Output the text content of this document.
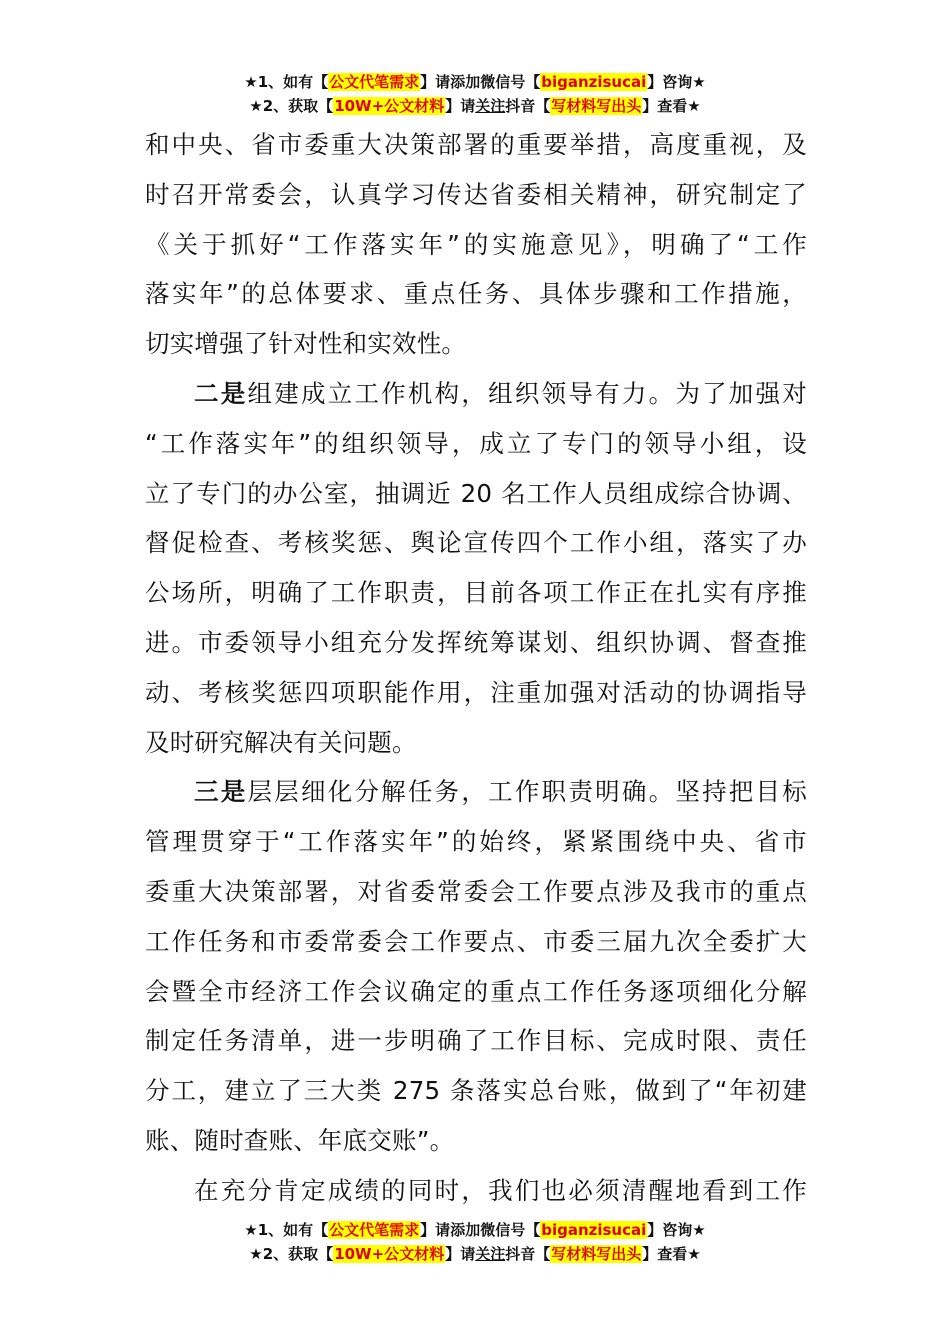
★1、如有【公文代笔需求】请添加微信号【biganzisucai】咨询★
★2、获取【10W+公文材料】请关注抖音【写材料写出头】查看★
和中央、省市委重大决策部署的重要举措，高度重视，及
时召开常委会，认真学习传达省委相关精神，研究制定了
《关于抓好“工作落实年”的实施意见》，明确了“工作
落实年”的总体要求、重点任务、具体步骤和工作措施，
切实增强了针对性和实效性。
二是组建成立工作机构，组织领导有力。为了加强对
“工作落实年”的组织领导，成立了专门的领导小组，设
立了专门的办公室，抽调近 20 名工作人员组成综合协调、
督促检查、考核奖惩、舆论宣传四个工作小组，落实了办
公场所，明确了工作职责，目前各项工作正在扎实有序推
进。市委领导小组充分发挥统筹谋划、组织协调、督查推
动、考核奖惩四项职能作用，注重加强对活动的协调指导
及时研究解决有关问题。
三是层层细化分解任务，工作职责明确。坚持把目标
管理贯穿于“工作落实年”的始终，紧紧围绕中央、省市
委重大决策部署，对省委常委会工作要点涉及我市的重点
工作任务和市委常委会工作要点、市委三届九次全委扩大
会暨全市经济工作会议确定的重点工作任务逐项细化分解
制定任务清单，进一步明确了工作目标、完成时限、责任
分工，建立了三大类 275 条落实总台账，做到了“年初建
账、随时查账、年底交账”。
在充分肯定成绩的同时，我们也必须清醒地看到工作
★1、如有【公文代笔需求】请添加微信号【biganzisucai】咨询★
★2、获取【10W+公文材料】请关注抖音【写材料写出头】查看★
